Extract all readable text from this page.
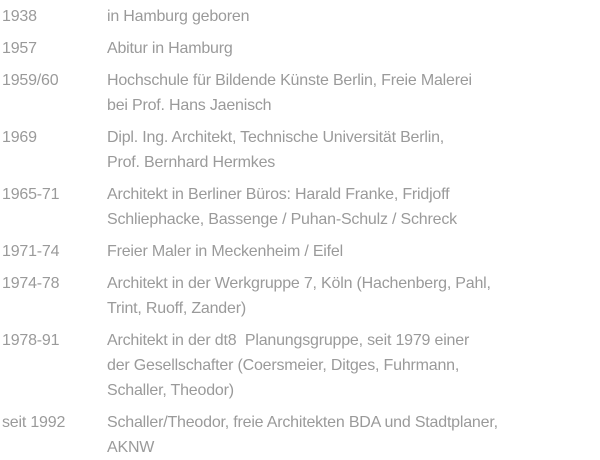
1938	in Hamburg geboren
1957	Abitur in Hamburg
1959/60	Hochschule für Bildende Künste Berlin, Freie Malerei
bei Prof. Hans Jaenisch
1969	Dipl. Ing. Architekt, Technische Universität Berlin,
Prof. Bernhard Hermkes
1965-71	Architekt in Berliner Büros: Harald Franke, Fridjoff
Schliephacke, Bassenge / Puhan-Schulz / Schreck
1971-74	Freier Maler in Meckenheim / Eifel
1974-78	Architekt in der Werkgruppe 7, Köln (Hachenberg, Pahl,
Trint, Ruoff, Zander)
1978-91	Architekt in der dt8  Planungsgruppe, seit 1979 einer
der Gesellschafter (Coersmeier, Ditges, Fuhrmann,
Schaller, Theodor)
seit 1992	Schaller/Theodor, freie Architekten BDA und Stadtplaner,
AKNW
